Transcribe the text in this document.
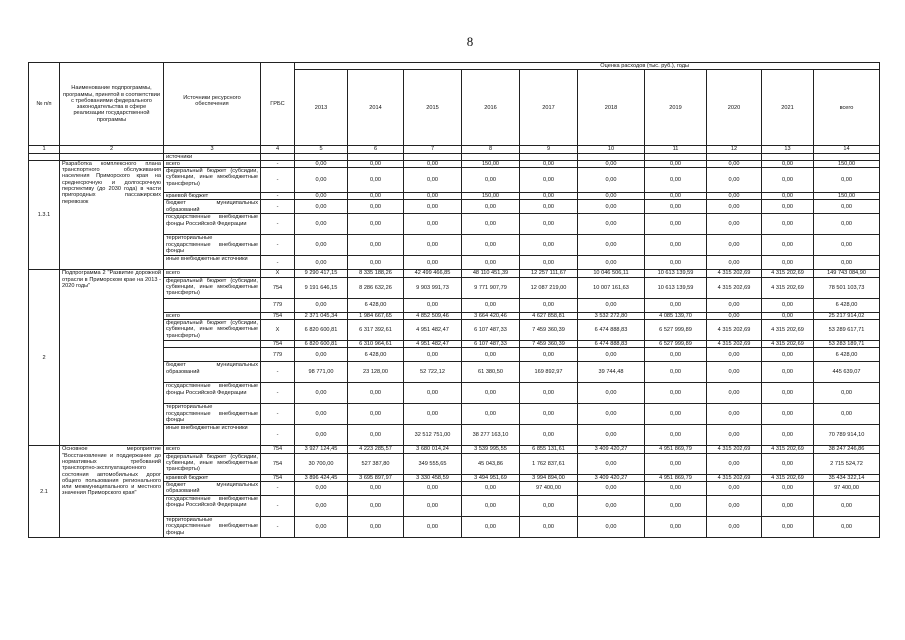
8
№ п/п	Наименование подпрограммы, программы, принятой в соответствии с требованиями федерального законодательства в сфере реализации государственной программы	Источники ресурсного обеспечения	ГРБС	Оценка расходов (тыс. руб.), годы									
				2013	2014	2015	2016	2017	2018	2019	2020	2021	всего
1	2	3	4	5	6	7	8	9	10	11	12	13	14
		источники											
1.3.1	Разработка комплексного плана транспортного обслуживания населения Приморского края на среднесрочную и долгосрочную перспективу (до 2030 года) в части пригородных пассажирских перевозок	всего	-	0,00	0,00	0,00	150,00	0,00	0,00	0,00	0,00	0,00	150,00
		федеральный бюджет (субсидии, субвенции, иные межбюджетные трансферты)	-	0,00	0,00	0,00	0,00	0,00	0,00	0,00	0,00	0,00	0,00
		краевой бюджет	-	0,00	0,00	0,00	150,00	0,00	0,00	0,00	0,00	0,00	150,00
		бюджет муниципальных образований	-	0,00	0,00	0,00	0,00	0,00	0,00	0,00	0,00	0,00	0,00
		государственные внебюджетные фонды Российской Федерации	-	0,00	0,00	0,00	0,00	0,00	0,00	0,00	0,00	0,00	0,00
		территориальные государственные внебюджетные фонды	-	0,00	0,00	0,00	0,00	0,00	0,00	0,00	0,00	0,00	0,00
		иные внебюджетные источники	-	0,00	0,00	0,00	0,00	0,00	0,00	0,00	0,00	0,00	0,00
2	Подпрограмма 2 "Развитие дорожной отрасли в Приморском крае на 2013 - 2020 годы"	всего	Х	9 290 417,15	8 335 188,26	42 499 466,85	48 110 451,39	12 257 111,67	10 046 506,11	10 613 139,59	4 315 202,69	4 315 202,69	149 743 084,90
		федеральный бюджет (субсидии, субвенции, иные межбюджетные трансферты)	754	9 191 646,15	8 286 632,26	9 903 991,73	9 771 907,79	12 087 219,00	10 007 161,63	10 613 139,59	4 315 202,69	4 315 202,69	78 501 103,73
			779	0,00	6 428,00	0,00	0,00	0,00	0,00	0,00	0,00	0,00	6 428,00
		всего	754	2 371 045,34	1 984 667,65	4 852 509,46	3 664 420,46	4 627 858,81	3 532 272,80	4 085 139,70	0,00	0,00	25 217 914,02
		федеральный бюджет (субсидии, субвенции, иные межбюджетные трансферты)	Х	6 820 600,81	6 317 392,61	4 951 482,47	6 107 487,33	7 459 360,39	6 474 888,83	6 527 999,89	4 315 202,69	4 315 202,69	53 289 617,71
			754	6 820 600,81	6 310 964,61	4 951 482,47	6 107 487,33	7 459 360,39	6 474 888,83	6 527 999,89	4 315 202,69	4 315 202,69	53 283 189,71
			779	0,00	6 428,00	0,00	0,00	0,00	0,00	0,00	0,00	0,00	6 428,00
		бюджет муниципальных образований	-	98 771,00	23 128,00	52 722,12	61 380,50	169 892,97	39 744,48	0,00	0,00	0,00	445 639,07
		государственные внебюджетные фонды Российской Федерации	-	0,00	0,00	0,00	0,00	0,00	0,00	0,00	0,00	0,00	0,00
		территориальные государственные внебюджетные фонды	-	0,00	0,00	0,00	0,00	0,00	0,00	0,00	0,00	0,00	0,00
		иные внебюджетные источники	-	0,00	0,00	32 512 751,00	38 277 163,10	0,00	0,00	0,00	0,00	0,00	70 789 914,10
2.1	Основное мероприятие "Восстановление и поддержание до нормативных требований транспортно-эксплуатационного состояния автомобильных дорог общего пользования регионального или межмуниципального и местного значения Приморского края"	всего	754	3 927 124,45	4 223 285,57	3 680 014,24	3 539 995,55	6 855 131,61	3 409 420,27	4 951 869,79	4 315 202,69	4 315 202,69	38 247 246,86
		федеральный бюджет (субсидии, субвенции, иные межбюджетные трансферты)	754	30 700,00	527 387,80	349 555,65	45 043,86	1 762 837,61	0,00	0,00	0,00	0,00	2 715 524,72
		краевой бюджет	754	3 896 424,45	3 695 897,97	3 330 458,59	3 494 951,69	3 994 894,00	3 409 420,27	4 951 869,79	4 315 202,69	4 315 202,69	35 434 322,14
		бюджет муниципальных образований	-	0,00	0,00	0,00	0,00	97 400,00	0,00	0,00	0,00	0,00	97 400,00
		государственные внебюджетные фонды Российской Федерации	-	0,00	0,00	0,00	0,00	0,00	0,00	0,00	0,00	0,00	0,00
		территориальные государственные внебюджетные фонды	-	0,00	0,00	0,00	0,00	0,00	0,00	0,00	0,00	0,00	0,00
